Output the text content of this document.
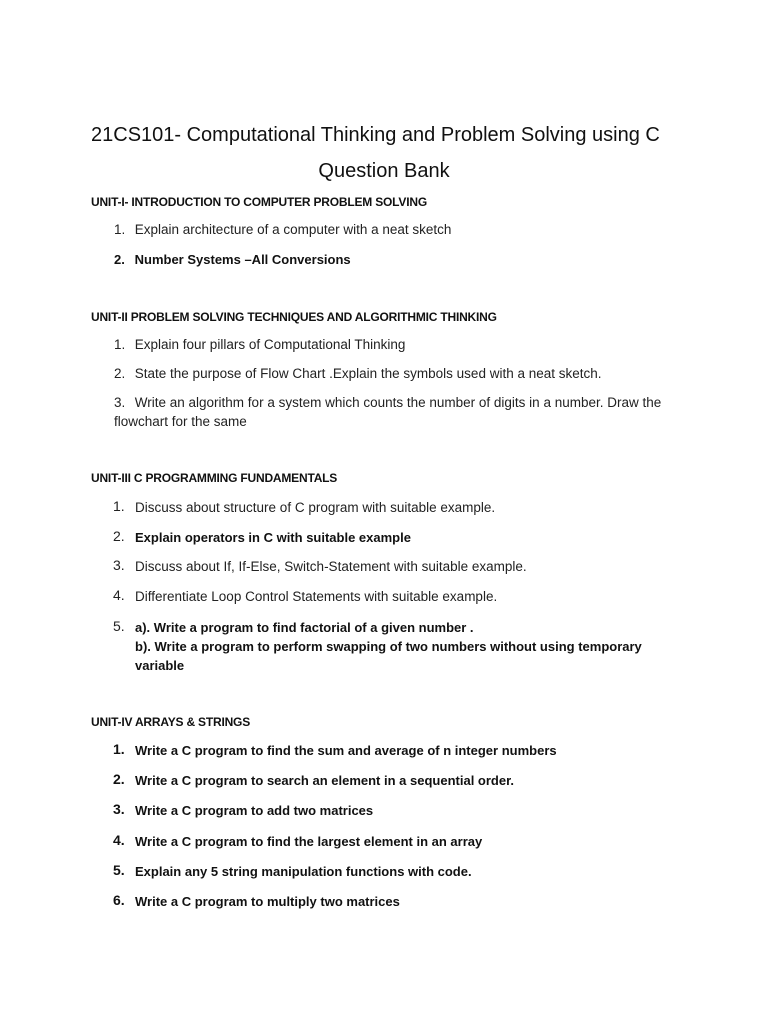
21CS101- Computational Thinking and Problem Solving using C
Question Bank
UNIT-I- INTRODUCTION TO COMPUTER PROBLEM SOLVING
1. Explain architecture of a computer with a neat sketch
2. Number Systems –All Conversions
UNIT-II PROBLEM SOLVING TECHNIQUES AND ALGORITHMIC THINKING
1. Explain four pillars of Computational Thinking
2. State the purpose of Flow Chart .Explain the symbols used with a neat sketch.
3. Write an algorithm for a system which counts the number of digits in a number. Draw the
flowchart for the same
UNIT-III C PROGRAMMING FUNDAMENTALS
1. Discuss about structure of C program with suitable example.
2. Explain operators in C with suitable example
3. Discuss about If, If-Else, Switch-Statement with suitable example.
4. Differentiate Loop Control Statements with suitable example.
5. a). Write a program to find factorial of a given number .
b). Write a program to perform swapping of two numbers without using temporary
variable
UNIT-IV ARRAYS & STRINGS
1. Write a C program to find the sum and average of n integer numbers
2. Write a C program to search an element in a sequential order.
3. Write a C program to add two matrices
4. Write a C program to find the largest element in an array
5. Explain any 5 string manipulation functions with code.
6. Write a C program to multiply two matrices
